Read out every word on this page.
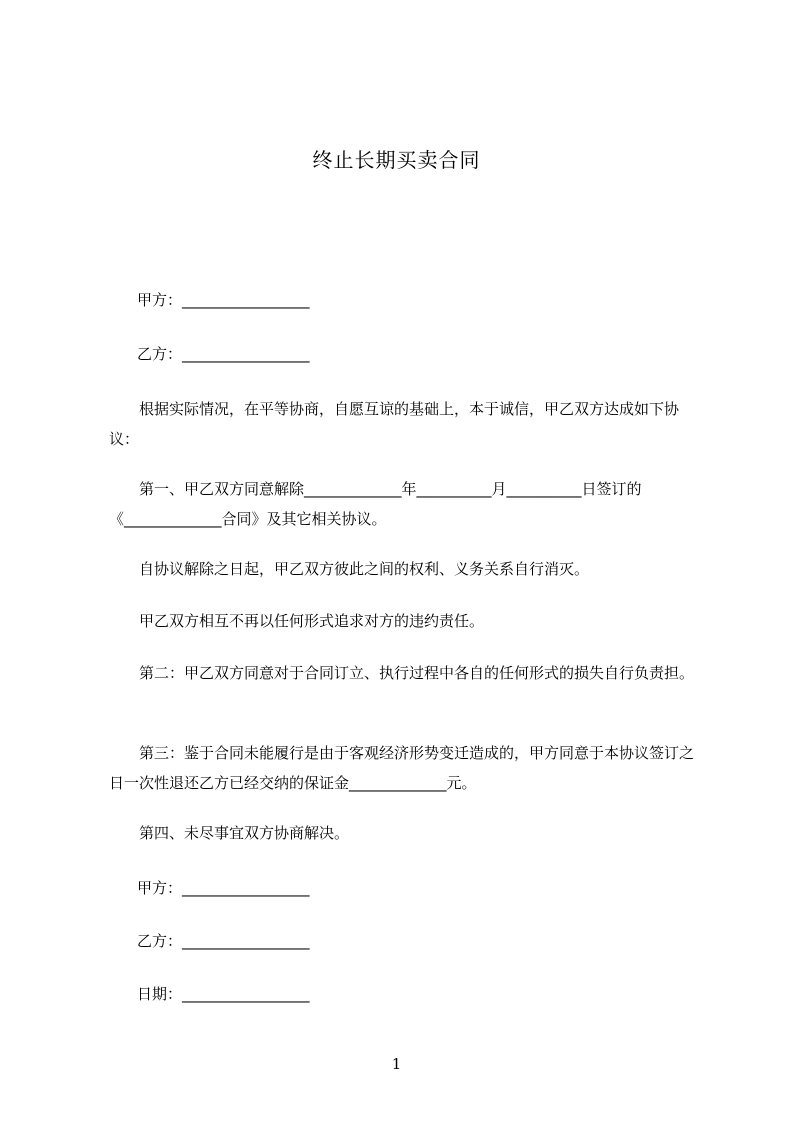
终止长期买卖合同

甲方：_________________

乙方：_________________

根据实际情况，在平等协商，自愿互谅的基础上，本于诚信，甲乙双方达成如下协议：

第一、甲乙双方同意解除_____________年__________月__________日签订的《_____________合同》及其它相关协议。

自协议解除之日起，甲乙双方彼此之间的权利、义务关系自行消灭。

甲乙双方相互不再以任何形式追求对方的违约责任。

第二：甲乙双方同意对于合同订立、执行过程中各自的任何形式的损失自行负责担。

第三：鉴于合同未能履行是由于客观经济形势变迁造成的，甲方同意于本协议签订之日一次性退还乙方已经交纳的保证金_____________元。

第四、未尽事宜双方协商解决。

甲方：_________________

乙方：_________________

日期：_________________

1
